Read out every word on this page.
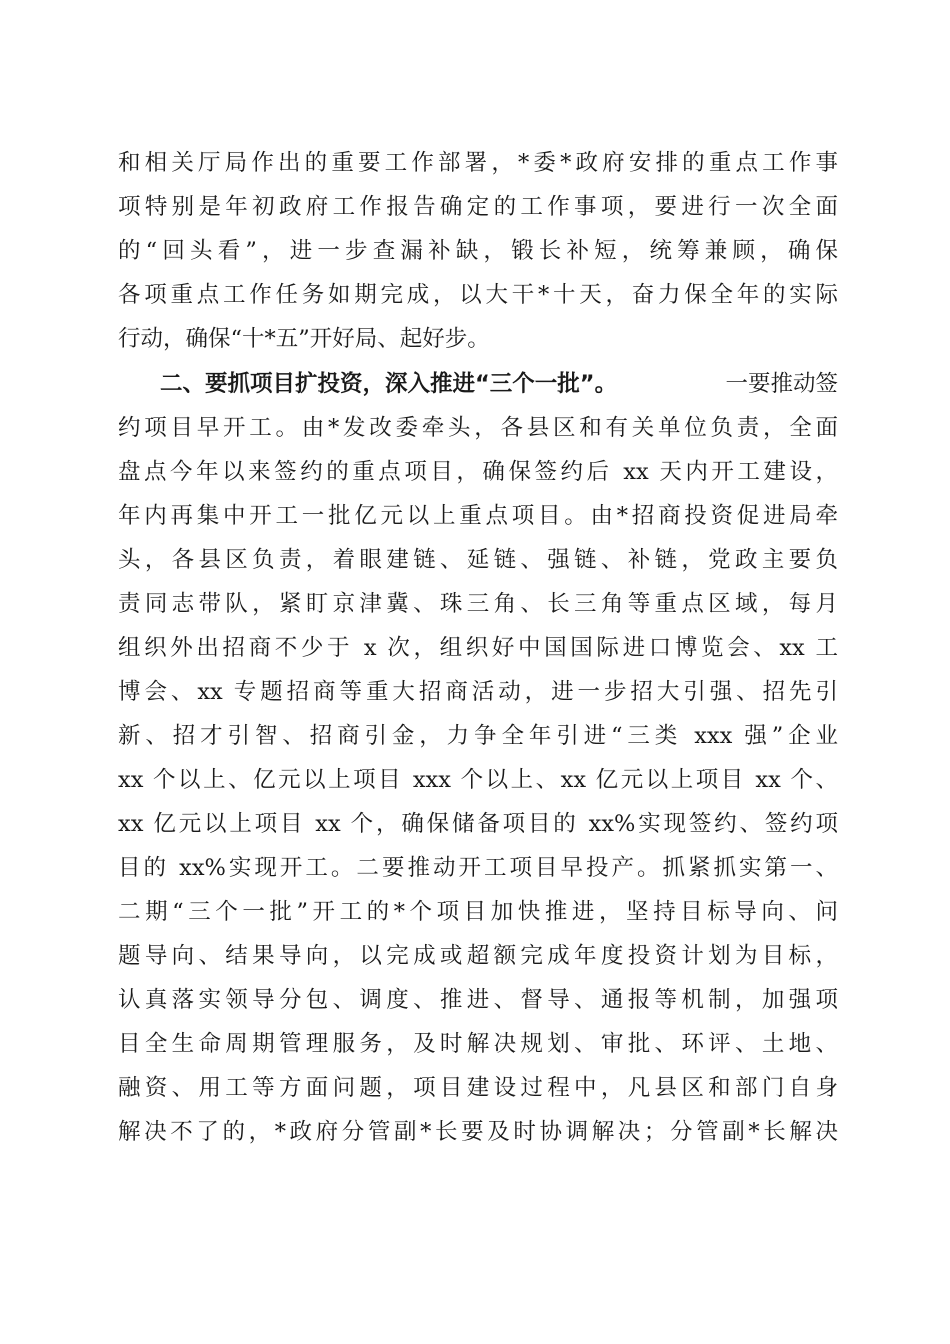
和相关厅局作出的重要工作部署，*委*政府安排的重点工作事
项特别是年初政府工作报告确定的工作事项，要进行一次全面
的“回头看”，进一步查漏补缺，锻长补短，统筹兼顾，确保
各项重点工作任务如期完成，以大干*十天，奋力保全年的实际
行动，确保“十*五”开好局、起好步。
二、要抓项目扩投资，深入推进“三个一批”。	一要推动签
约项目早开工。由*发改委牵头，各县区和有关单位负责，全面
盘点今年以来签约的重点项目，确保签约后 xx 天内开工建设，
年内再集中开工一批亿元以上重点项目。由*招商投资促进局牵
头，各县区负责，着眼建链、延链、强链、补链，党政主要负
责同志带队，紧盯京津冀、珠三角、长三角等重点区域，每月
组织外出招商不少于 x 次，组织好中国国际进口博览会、xx 工
博会、xx 专题招商等重大招商活动，进一步招大引强、招先引
新、招才引智、招商引金，力争全年引进“三类 xxx 强”企业
xx 个以上、亿元以上项目 xxx 个以上、xx 亿元以上项目 xx 个、
xx 亿元以上项目 xx 个，确保储备项目的 xx%实现签约、签约项
目的 xx%实现开工。二要推动开工项目早投产。抓紧抓实第一、
二期“三个一批”开工的*个项目加快推进，坚持目标导向、问
题导向、结果导向，以完成或超额完成年度投资计划为目标，
认真落实领导分包、调度、推进、督导、通报等机制，加强项
目全生命周期管理服务，及时解决规划、审批、环评、土地、
融资、用工等方面问题，项目建设过程中，凡县区和部门自身
解决不了的，*政府分管副*长要及时协调解决；分管副*长解决
